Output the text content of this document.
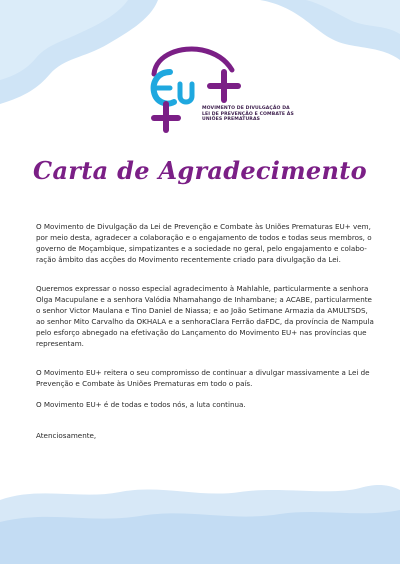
MOVIMENTO DE DIVULGAÇÃO DA
LEI DE PREVENÇÃO E COMBATE ÀS
UNIÕES PREMATURAS
Carta de Agradecimento

O Movimento de Divulgação da Lei de Prevenção e Combate às Uniões Prematuras EU+ vem,
por meio desta, agradecer a colaboração e o engajamento de todos e todas seus membros, o
governo de Moçambique, simpatizantes e a sociedade no geral, pelo engajamento e colabo-
ração âmbito das acções do Movimento recentemente criado para divulgação da Lei.

Queremos expressar o nosso especial agradecimento à Mahlahle, particularmente a senhora
Olga Macupulane e a senhora Valódia Nhamahango de Inhambane; a ACABE, particularmente
o senhor Victor Maulana e Tino Daniel de Niassa; e ao João Setimane Armazia da AMULTSDS,
ao senhor Mito Carvalho da OKHALA e a senhoraClara Ferrão daFDC, da província de Nampula
pelo esforço abnegado na efetivação do Lançamento do Movimento EU+ nas províncias que
representam.

O Movimento EU+ reitera o seu compromisso de continuar a divulgar massivamente a Lei de
Prevenção e Combate às Uniões Prematuras em todo o país.

O Movimento EU+ é de todas e todos nós, a luta continua.

Atenciosamente,
